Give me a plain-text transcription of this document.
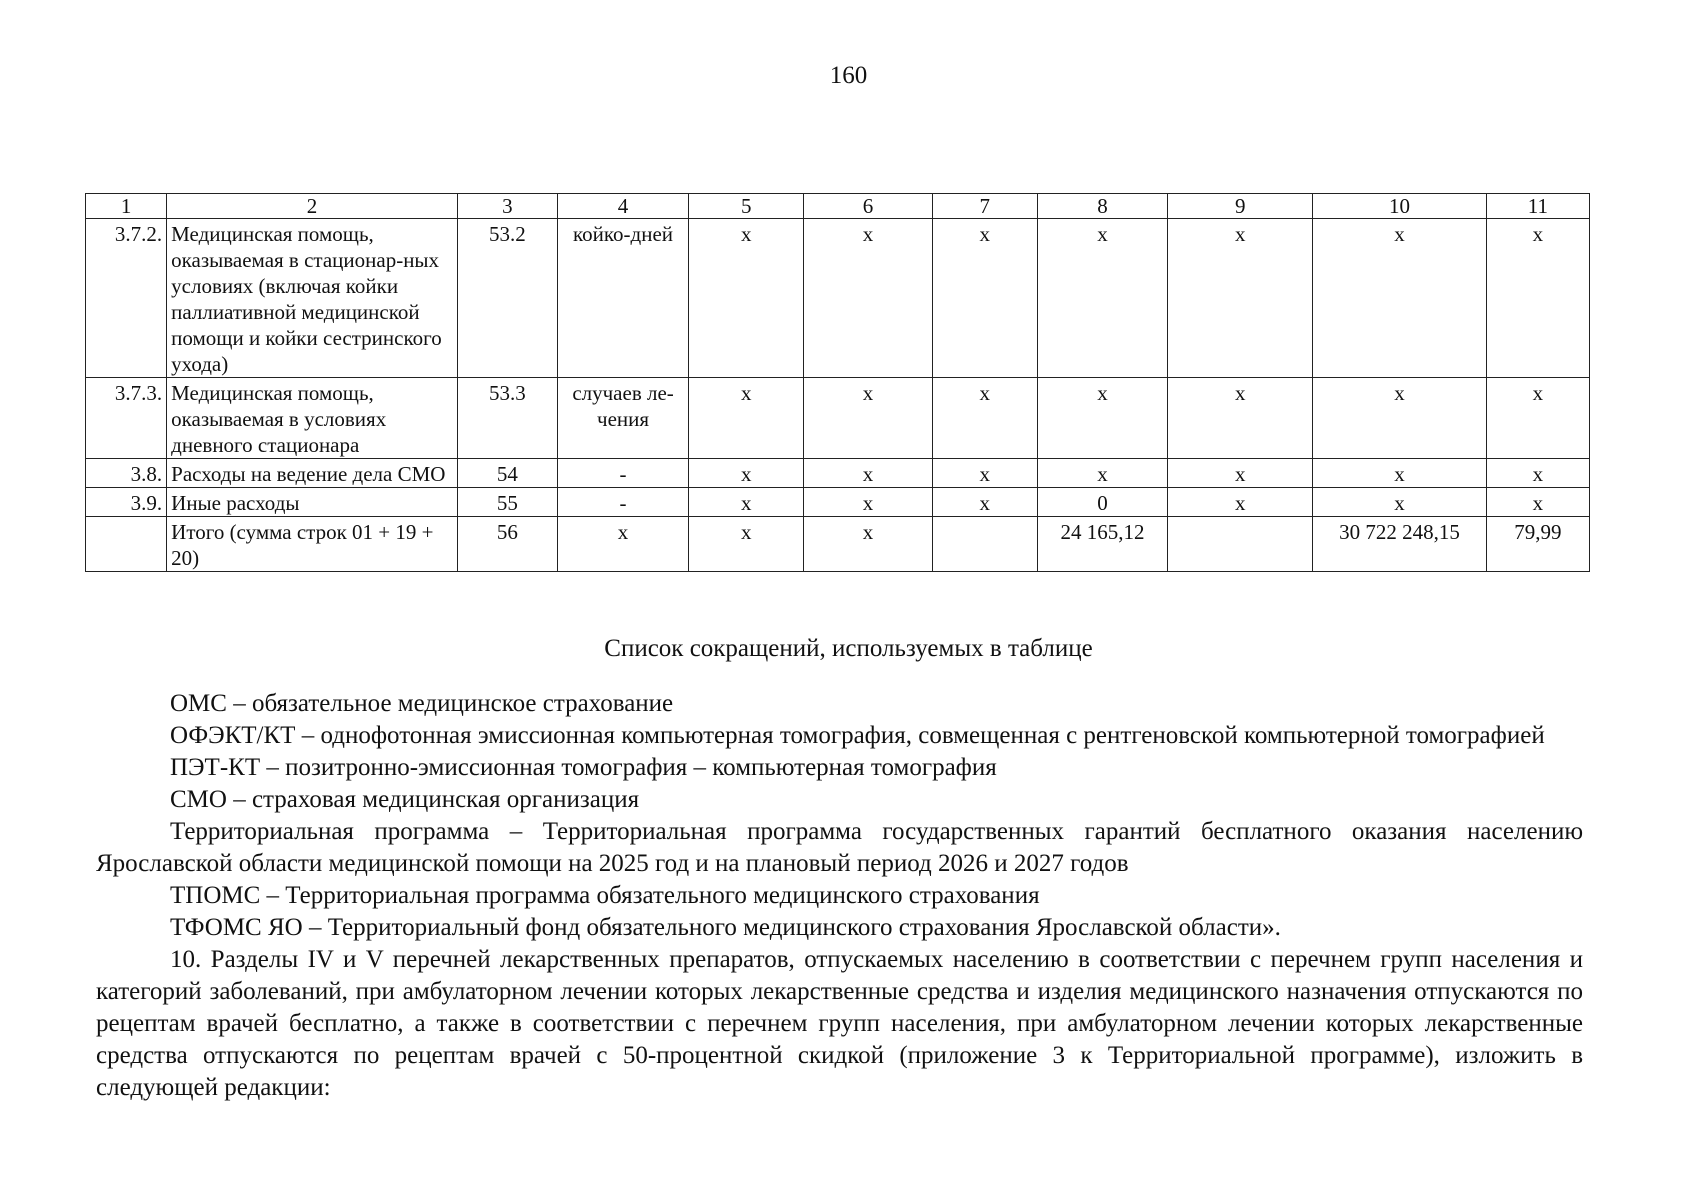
160
1	2	3	4	5	6	7	8	9	10	11
3.7.2.	Медицинская помощь, оказываемая в стационар-ных условиях (включая койки паллиативной медицинской помощи и койки сестринского ухода)	53.2	койко-дней	х	х	х	х	х	х	х
3.7.3.	Медицинская помощь, оказываемая в условиях дневного стационара	53.3	случаев ле-чения	х	х	х	х	х	х	х
3.8.	Расходы на ведение дела СМО	54	-	х	х	х	х	х	х	х
3.9.	Иные расходы	55	-	х	х	х	0	х	х	х
	Итого (сумма строк 01 + 19 + 20)	56	х	х	х		24 165,12		30 722 248,15	79,99
Список сокращений, используемых в таблице

ОМС – обязательное медицинское страхование

ОФЭКТ/КТ – однофотонная эмиссионная компьютерная томография, совмещенная с рентгеновской компьютерной томографией

ПЭТ-КТ – позитронно-эмиссионная томография – компьютерная томография

СМО – страховая медицинская организация

Территориальная программа – Территориальная программа государственных гарантий бесплатного оказания населению Ярославской области медицинской помощи на 2025 год и на плановый период 2026 и 2027 годов

ТПОМС – Территориальная программа обязательного медицинского страхования

ТФОМС ЯО – Территориальный фонд обязательного медицинского страхования Ярославской области».

10. Разделы IV и V перечней лекарственных препаратов, отпускаемых населению в соответствии с перечнем групп населения и категорий заболеваний, при амбулаторном лечении которых лекарственные средства и изделия медицинского назначения отпускаются по рецептам врачей бесплатно, а также в соответствии с перечнем групп населения, при амбулаторном лечении которых лекарственные средства отпускаются по рецептам врачей с 50-процентной скидкой (приложение 3 к Территориальной программе), изложить в следующей редакции:
